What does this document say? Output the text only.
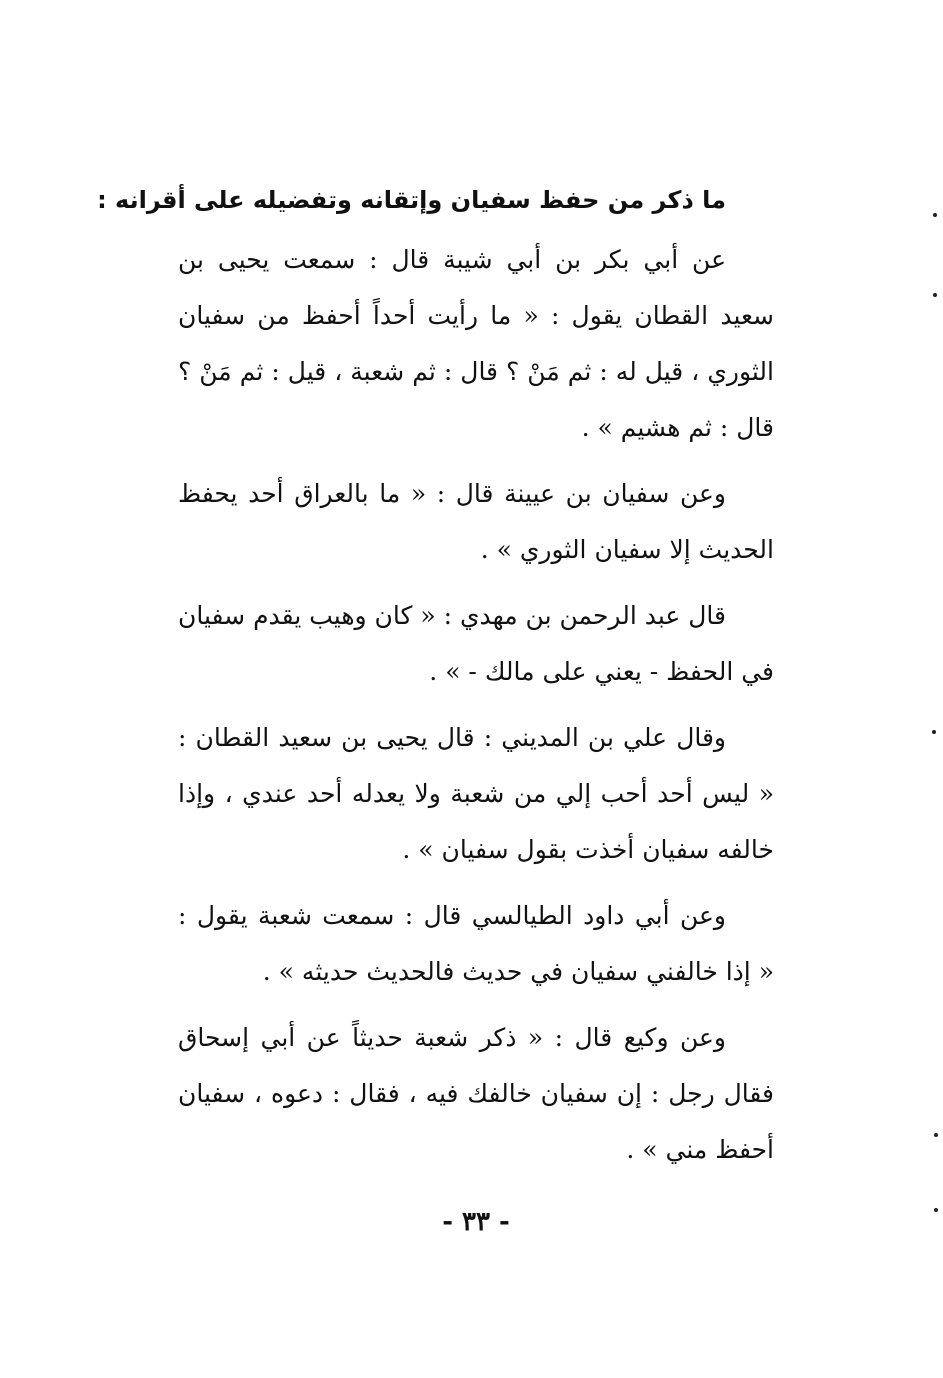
ما ذكر من حفظ سفيان وإتقانه وتفضيله على أقرانه :

عن أبي بكر بن أبي شيبة قال : سمعت يحيى بن سعيد القطان يقول : « ما رأيت أحداً أحفظ من سفيان الثوري ، قيل له : ثم مَنْ ؟ قال : ثم شعبة ، قيل : ثم مَنْ ؟ قال : ثم هشيم » .

وعن سفيان بن عيينة قال : « ما بالعراق أحد يحفظ الحديث إلا سفيان الثوري » .

قال عبد الرحمن بن مهدي : « كان وهيب يقدم سفيان في الحفظ - يعني على مالك - » .

وقال علي بن المديني : قال يحيى بن سعيد القطان : « ليس أحد أحب إلي من شعبة ولا يعدله أحد عندي ، وإذا خالفه سفيان أخذت بقول سفيان » .

وعن أبي داود الطيالسي قال : سمعت شعبة يقول : « إذا خالفني سفيان في حديث فالحديث حديثه » .

وعن وكيع قال : « ذكر شعبة حديثاً عن أبي إسحاق فقال رجل : إن سفيان خالفك فيه ، فقال : دعوه ، سفيان أحفظ مني » .

- ٣٣ -
